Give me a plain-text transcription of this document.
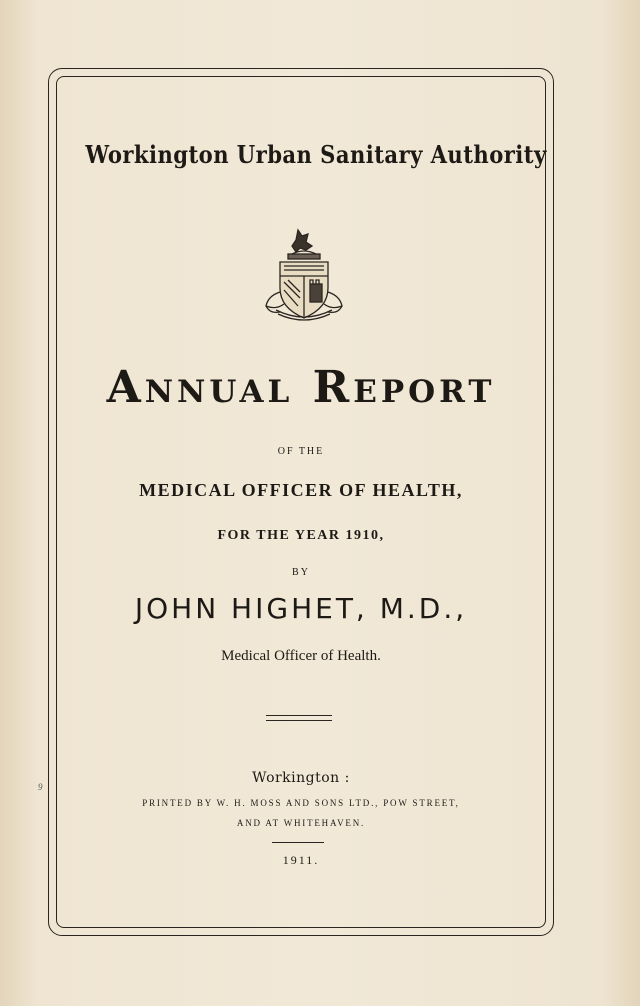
Workington Urban Sanitary Authority
Annual Report
OF THE
MEDICAL OFFICER OF HEALTH,
FOR THE YEAR 1910,
BY
JOHN HIGHET, M.D.,
Medical Officer of Health.
Workington :
PRINTED BY W. H. MOSS AND SONS LTD., POW STREET,
AND AT WHITEHAVEN.
1911.
9
